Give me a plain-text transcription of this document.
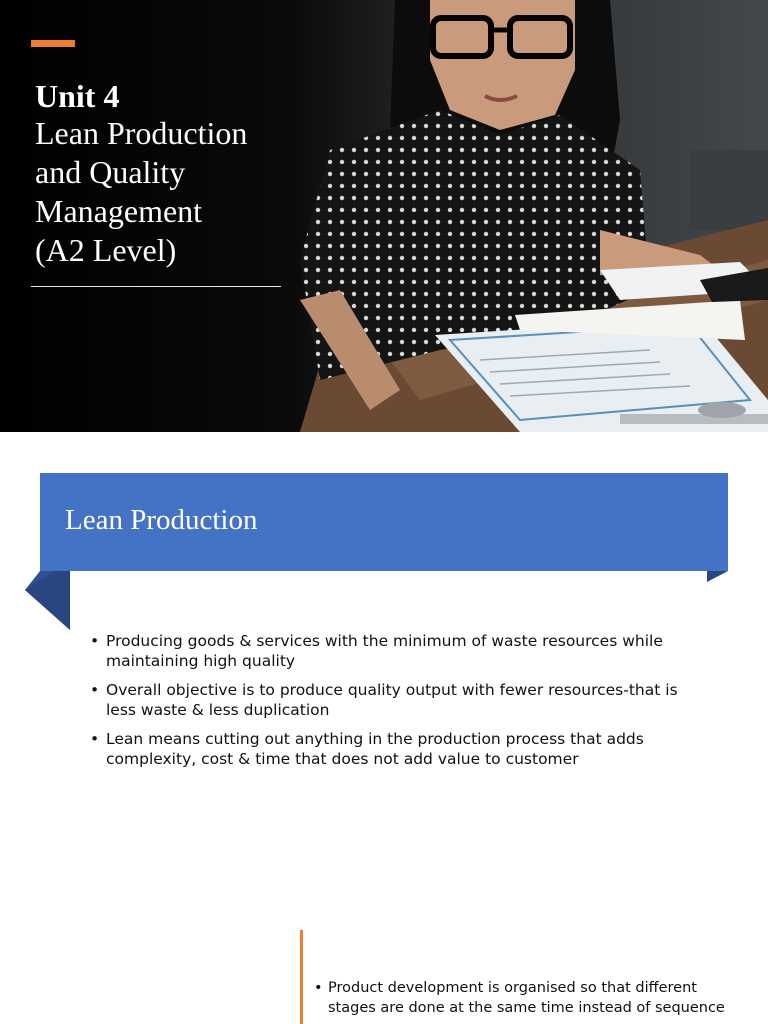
Unit 4
Lean Production
and Quality
Management
(A2 Level)
Lean Production
• Producing goods & services with the minimum of waste resources while maintaining high quality
• Overall objective is to produce quality output with fewer resources-that is less waste & less duplication
• Lean means cutting out anything in the production process that adds complexity, cost & time that does not add value to customer
• Product development is organised so that different stages are done at the same time instead of sequence
